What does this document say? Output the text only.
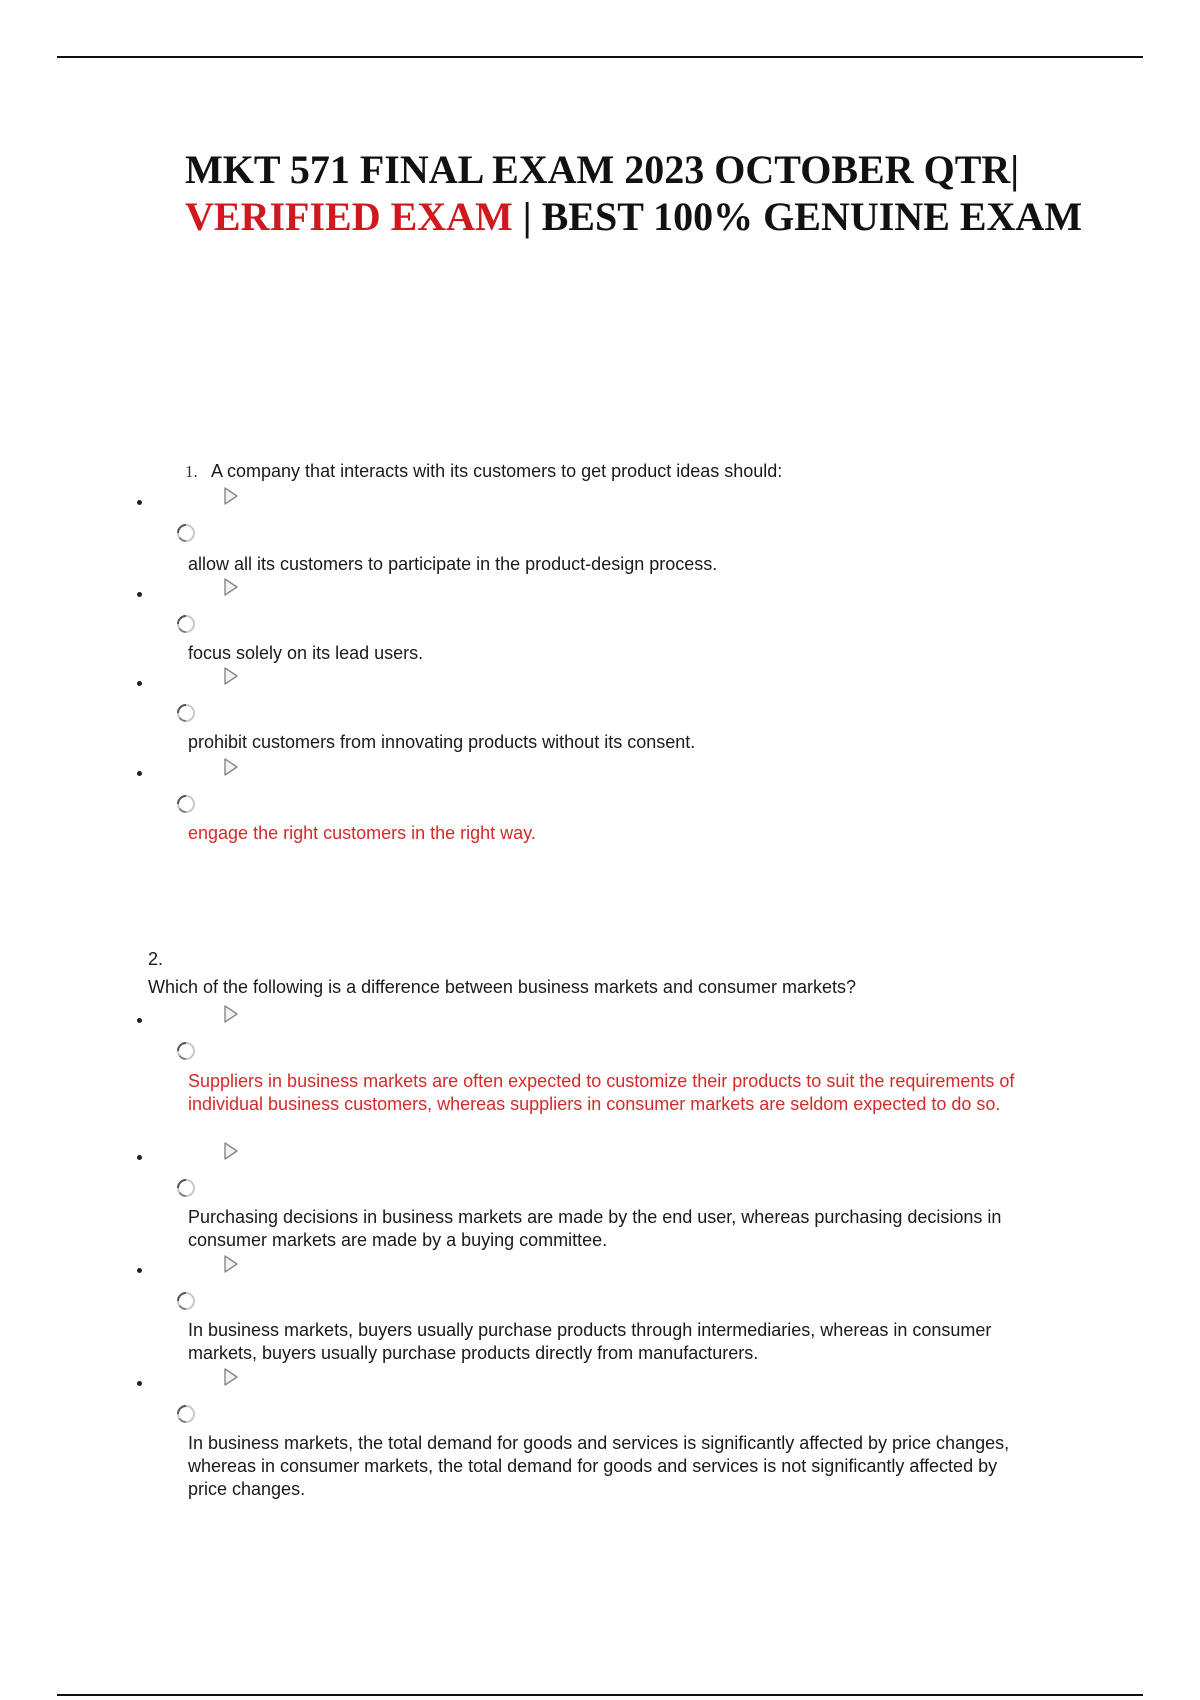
MKT 571 FINAL EXAM 2023 OCTOBER QTR|
VERIFIED EXAM | BEST 100% GENUINE EXAM
1. A company that interacts with its customers to get product ideas should:
allow all its customers to participate in the product-design process.
focus solely on its lead users.
prohibit customers from innovating products without its consent.
engage the right customers in the right way.
2.
Which of the following is a difference between business markets and consumer markets?
Suppliers in business markets are often expected to customize their products to suit the requirements of individual business customers, whereas suppliers in consumer markets are seldom expected to do so.
Purchasing decisions in business markets are made by the end user, whereas purchasing decisions in consumer markets are made by a buying committee.
In business markets, buyers usually purchase products through intermediaries, whereas in consumer markets, buyers usually purchase products directly from manufacturers.
In business markets, the total demand for goods and services is significantly affected by price changes, whereas in consumer markets, the total demand for goods and services is not significantly affected by price changes.
